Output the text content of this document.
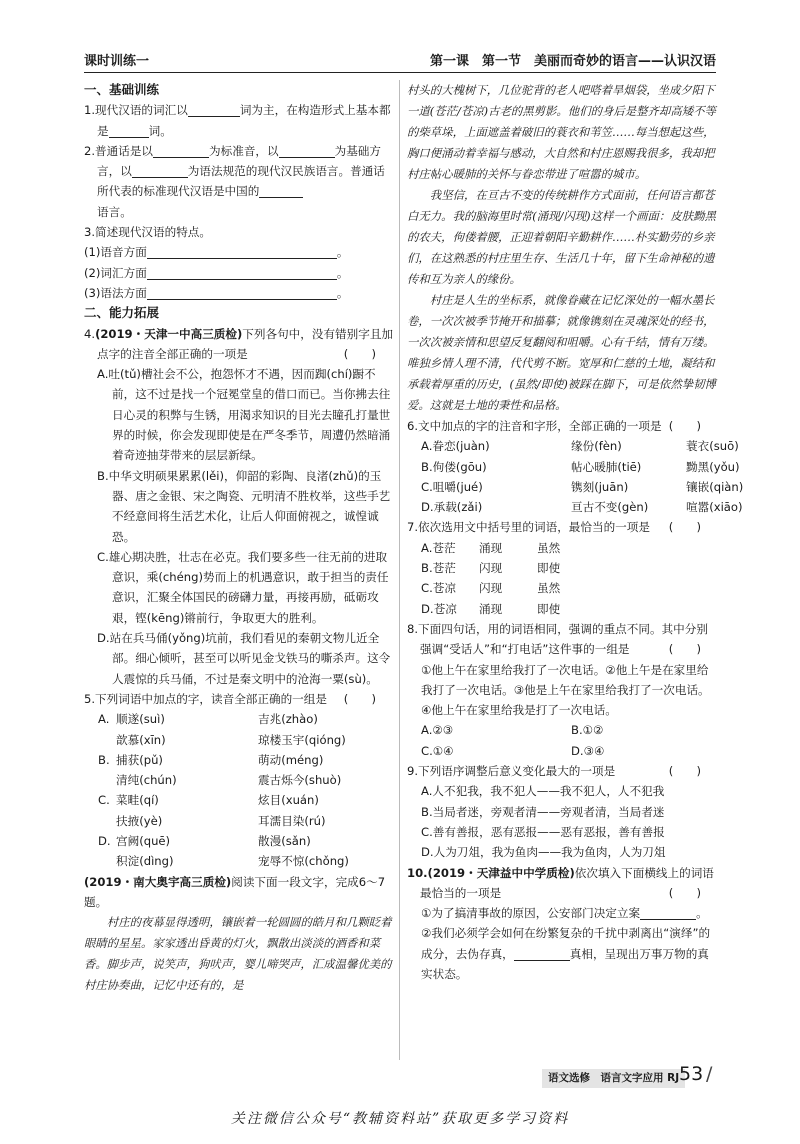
课时训练一	第一课　第一节　美丽而奇妙的语言——认识汉语
一、基础训练
1.现代汉语的词汇以	词为主，在构造形式上基本都是	词。
2.普通话是以	为标准音，以	为基础方言，以	为语法规范的现代汉民族语言。普通话所代表的标准现代汉语是中国的
语言。
3.简述现代汉语的特点。
(1)语音方面	。
(2)词汇方面	。
(3)语法方面	。
二、能力拓展
4.(2019・天津一中高三质检)下列各句中，没有错别字且加点字的注音全部正确的一项是	(　　)
A.吐(tǔ)槽社会不公，抱怨怀才不遇，因而踟(chí)蹰不前，这不过是找一个冠冕堂皇的借口而已。当你拂去往日心灵的积弊与生锈，用渴求知识的目光去瞳孔打量世界的时候，你会发现即使是在严冬季节，周遭仍然暗涌着奇迹抽芽带来的层层新绿。
B.中华文明硕果累累(lěi)，仰韶的彩陶、良渚(zhǔ)的玉器、唐之金银、宋之陶瓷、元明清不胜枚举，这些手艺不经意间将生活艺术化，让后人仰面俯视之，诚惶诚恐。
C.雄心期决胜，壮志在必克。我们要多些一往无前的进取意识，乘(chéng)势而上的机遇意识，敢于担当的责任意识，汇聚全体国民的磅礴力量，再接再励，砥砺攻艰，铿(kēng)锵前行，争取更大的胜利。
D.站在兵马俑(yǒng)坑前，我们看见的秦朝文物儿近全部。细心倾听，甚至可以听见金戈铁马的嘶杀声。这令人震惊的兵马俑，不过是秦文明中的沧海一粟(sù)。
5.下列词语中加点的字，读音全部正确的一组是 (　　)
A. 顺遂(suì)	吉兆(zhào)
歆慕(xīn)	琼楼玉宇(qióng)
B. 捕获(pǔ)	萌动(méng)
清纯(chún)	震古烁今(shuò)
C. 菜畦(qí)	炫目(xuán)
扶掖(yè)	耳濡目染(rú)
D. 宫阙(quē)	散漫(sǎn)
积淀(dìng)	宠辱不惊(chǒng)
(2019・南大奥宇高三质检)阅读下面一段文字，完成6～7题。
村庄的夜幕显得透明，镶嵌着一轮圆圆的皓月和几颗眨着眼睛的星星。家家透出昏黄的灯火，飘散出淡淡的酒香和菜香。脚步声，说笑声，狗吠声，婴儿啼哭声，汇成温馨优美的村庄协奏曲，记忆中还有的，是
村头的大槐树下，几位驼背的老人吧嗒着旱烟袋，坐成夕阳下一道(苍茫/苍凉)古老的黑剪影。他们的身后是整齐却高矮不等的柴草垛，上面遮盖着破旧的蓑衣和苇笠……每当想起这些，胸口便涌动着幸福与感动，大自然和村庄恩赐我很多，我却把村庄帖心暖肺的关怀与眷恋带进了喧嚣的城市。
我坚信，在亘古不变的传统耕作方式面前，任何语言都苍白无力。我的脑海里时常(涌现/闪现)这样一个画面：皮肤黝黑的农夫，佝偻着腰，正迎着朝阳辛勤耕作……朴实勤劳的乡亲们，在这熟悉的村庄里生存、生活几十年，留下生命神秘的遗传和互为亲人的缘份。
村庄是人生的坐标系，就像眷藏在记忆深处的一幅水墨长卷，一次次被季节掩开和描摹；就像镌刻在灵魂深处的经书，一次次被亲情和思望反复翻阅和咀嚼。心有千结，情有万缕。唯独乡情人理不清，代代剪不断。宽厚和仁慈的土地，凝结和承载着厚重的历史，(虽然/即使)被踩在脚下，可是依然挚韧博爱。这就是土地的秉性和品格。
6.文中加点的字的注音和字形，全部正确的一项是 (　　)
A.眷恋(juàn)	缘份(fèn)	蓑衣(suō)
B.佝偻(gōu)	帖心暖肺(tiē)	黝黑(yǒu)
C.咀嚼(jué)	镌刻(juān)	镶嵌(qiàn)
D.承载(zǎi)	亘古不变(gèn)	喧嚣(xiāo)
7.依次选用文中括号里的词语，最恰当的一项是 (　　)
A.苍茫	涌现	虽然
B.苍茫	闪现	即使
C.苍凉	闪现	虽然
D.苍凉	涌现	即使
8.下面四句话，用的词语相同，强调的重点不同。其中分别强调“受话人”和“打电话”这件事的一组是	(　　)
①他上午在家里给我打了一次电话。②他上午是在家里给我打了一次电话。③他是上午在家里给我打了一次电话。④他上午在家里给我是打了一次电话。
A.②③	B.①②
C.①④	D.③④
9.下列语序调整后意义变化最大的一项是	(　　)
A.人不犯我，我不犯人——我不犯人，人不犯我
B.当局者迷，旁观者清——旁观者清，当局者迷
C.善有善报，恶有恶报——恶有恶报，善有善报
D.人为刀俎，我为鱼肉——我为鱼肉，人为刀俎
10.(2019・天津益中中学质检)依次填入下面横线上的词语最恰当的一项是	(　　)
①为了搞清事故的原因，公安部门决定立案	。
②我们必须学会如何在纷繁复杂的千扰中剥离出“演绎”的成分，去伪存真，	真相，呈现出万事万物的真实状态。
语文选修　语言文字应用 RJ 53 /
关注微信公众号“教辅资料站”获取更多学习资料
